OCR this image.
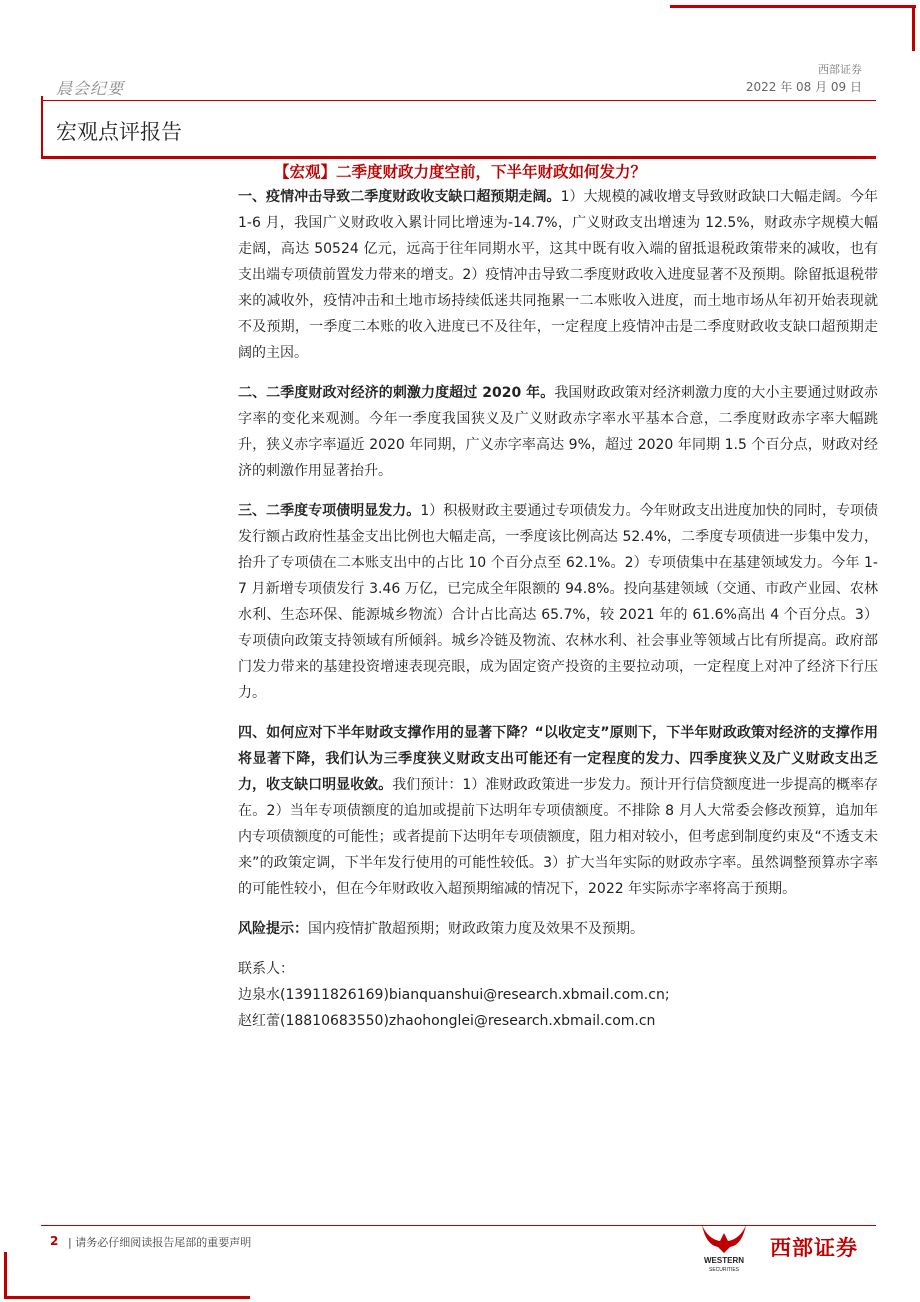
西部证券
2022 年 08 月 09 日
晨会纪要
宏观点评报告
【宏观】二季度财政力度空前，下半年财政如何发力？

一、疫情冲击导致二季度财政收支缺口超预期走阔。1）大规模的减收增支导致财政缺口大幅走阔。今年 1-6 月，我国广义财政收入累计同比增速为-14.7%，广义财政支出增速为 12.5%，财政赤字规模大幅走阔，高达 50524 亿元，远高于往年同期水平，这其中既有收入端的留抵退税政策带来的减收，也有支出端专项债前置发力带来的增支。2）疫情冲击导致二季度财政收入进度显著不及预期。除留抵退税带来的减收外，疫情冲击和土地市场持续低迷共同拖累一二本账收入进度，而土地市场从年初开始表现就不及预期，一季度二本账的收入进度已不及往年，一定程度上疫情冲击是二季度财政收支缺口超预期走阔的主因。

二、二季度财政对经济的刺激力度超过 2020 年。我国财政政策对经济刺激力度的大小主要通过财政赤字率的变化来观测。今年一季度我国狭义及广义财政赤字率水平基本合意，二季度财政赤字率大幅跳升，狭义赤字率逼近 2020 年同期，广义赤字率高达 9%，超过 2020 年同期 1.5 个百分点，财政对经济的刺激作用显著抬升。

三、二季度专项债明显发力。1）积极财政主要通过专项债发力。今年财政支出进度加快的同时，专项债发行额占政府性基金支出比例也大幅走高，一季度该比例高达 52.4%，二季度专项债进一步集中发力，抬升了专项债在二本账支出中的占比 10 个百分点至 62.1%。2）专项债集中在基建领域发力。今年 1-7 月新增专项债发行 3.46 万亿，已完成全年限额的 94.8%。投向基建领域（交通、市政产业园、农林水利、生态环保、能源城乡物流）合计占比高达 65.7%，较 2021 年的 61.6%高出 4 个百分点。3）专项债向政策支持领域有所倾斜。城乡冷链及物流、农林水利、社会事业等领域占比有所提高。政府部门发力带来的基建投资增速表现亮眼，成为固定资产投资的主要拉动项，一定程度上对冲了经济下行压力。

四、如何应对下半年财政支撑作用的显著下降？“以收定支”原则下，下半年财政政策对经济的支撑作用将显著下降，我们认为三季度狭义财政支出可能还有一定程度的发力、四季度狭义及广义财政支出乏力，收支缺口明显收敛。我们预计：1）准财政政策进一步发力。预计开行信贷额度进一步提高的概率存在。2）当年专项债额度的追加或提前下达明年专项债额度。不排除 8 月人大常委会修改预算，追加年内专项债额度的可能性；或者提前下达明年专项债额度，阻力相对较小，但考虑到制度约束及“不透支未来”的政策定调，下半年发行使用的可能性较低。3）扩大当年实际的财政赤字率。虽然调整预算赤字率的可能性较小，但在今年财政收入超预期缩减的情况下，2022 年实际赤字率将高于预期。

风险提示：国内疫情扩散超预期；财政政策力度及效果不及预期。

联系人：
边泉水(13911826169)bianquanshui@research.xbmail.com.cn;
赵红蕾(18810683550)zhaohonglei@research.xbmail.com.cn
2 | 请务必仔细阅读报告尾部的重要声明
WESTERN
SECURITIES
西部证券
